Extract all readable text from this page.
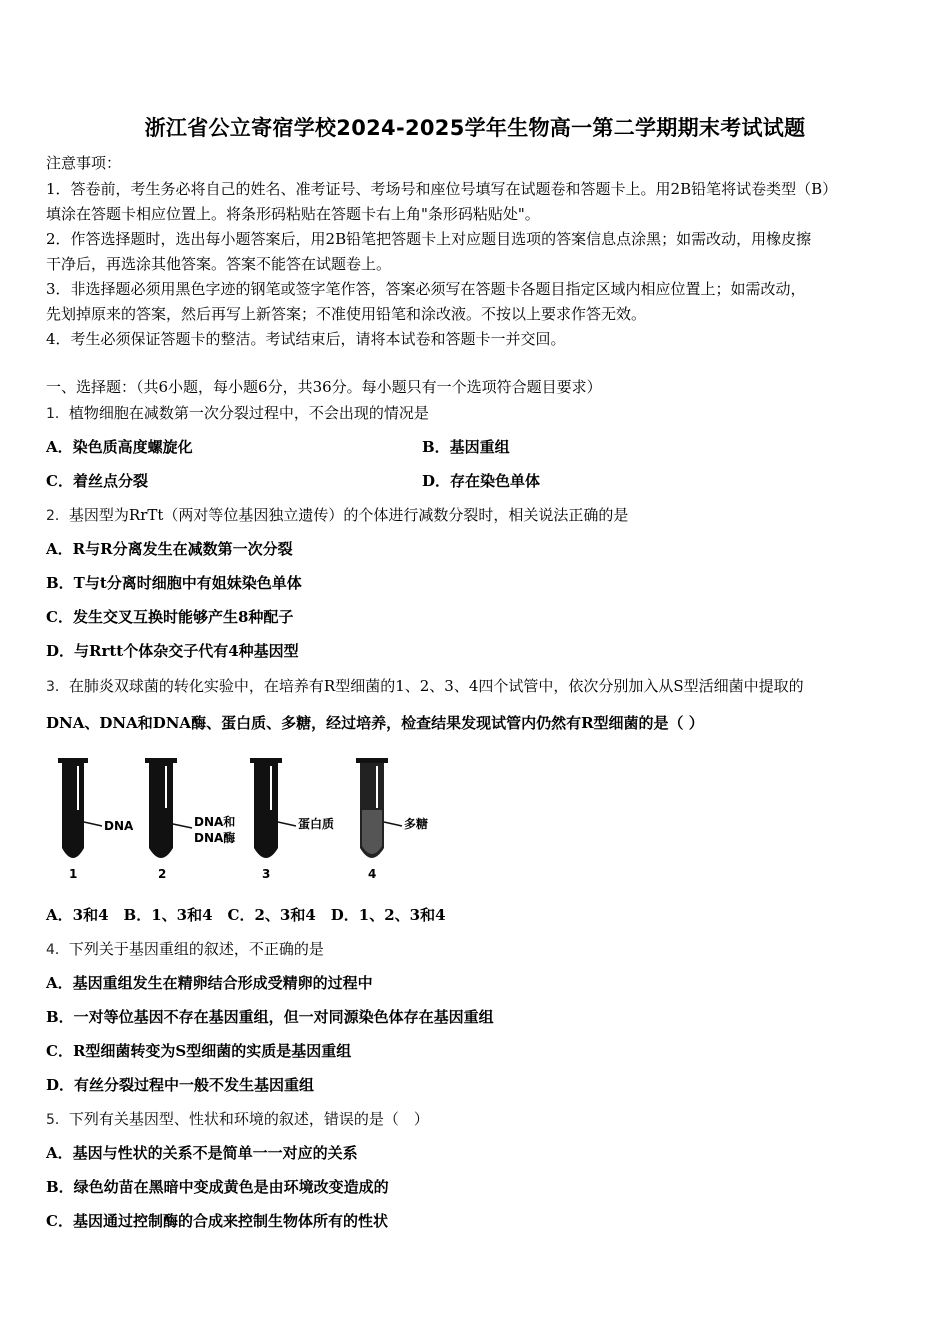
浙江省公立寄宿学校2024-2025学年生物高一第二学期期末考试试题
注意事项：
1．答卷前，考生务必将自己的姓名、准考证号、考场号和座位号填写在试题卷和答题卡上。用2B铅笔将试卷类型（B）
填涂在答题卡相应位置上。将条形码粘贴在答题卡右上角"条形码粘贴处"。
2．作答选择题时，选出每小题答案后，用2B铅笔把答题卡上对应题目选项的答案信息点涂黑；如需改动，用橡皮擦
干净后，再选涂其他答案。答案不能答在试题卷上。
3．非选择题必须用黑色字迹的钢笔或签字笔作答，答案必须写在答题卡各题目指定区域内相应位置上；如需改动，
先划掉原来的答案，然后再写上新答案；不准使用铅笔和涂改液。不按以上要求作答无效。
4．考生必须保证答题卡的整洁。考试结束后，请将本试卷和答题卡一并交回。
一、选择题：（共6小题，每小题6分，共36分。每小题只有一个选项符合题目要求）
1．植物细胞在减数第一次分裂过程中，不会出现的情况是
A．染色质高度螺旋化	B．基因重组
C．着丝点分裂	D．存在染色单体
2．基因型为RrTt（两对等位基因独立遗传）的个体进行减数分裂时，相关说法正确的是
A．R与R分离发生在减数第一次分裂
B．T与t分离时细胞中有姐妹染色单体
C．发生交叉互换时能够产生8种配子
D．与Rrtt个体杂交子代有4种基因型
3．在肺炎双球菌的转化实验中，在培养有R型细菌的1、2、3、4四个试管中，依次分别加入从S型活细菌中提取的
DNA、DNA和DNA酶、蛋白质、多糖，经过培养，检查结果发现试管内仍然有R型细菌的是（ ）
DNA
1
DNA和
DNA酶
2
蛋白质
3
多糖
4
A．3和4　B．1、3和4　C．2、3和4　D．1、2、3和4
4．下列关于基因重组的叙述，不正确的是
A．基因重组发生在精卵结合形成受精卵的过程中
B．一对等位基因不存在基因重组，但一对同源染色体存在基因重组
C．R型细菌转变为S型细菌的实质是基因重组
D．有丝分裂过程中一般不发生基因重组
5．下列有关基因型、性状和环境的叙述，错误的是（　）
A．基因与性状的关系不是简单一一对应的关系
B．绿色幼苗在黑暗中变成黄色是由环境改变造成的
C．基因通过控制酶的合成来控制生物体所有的性状
